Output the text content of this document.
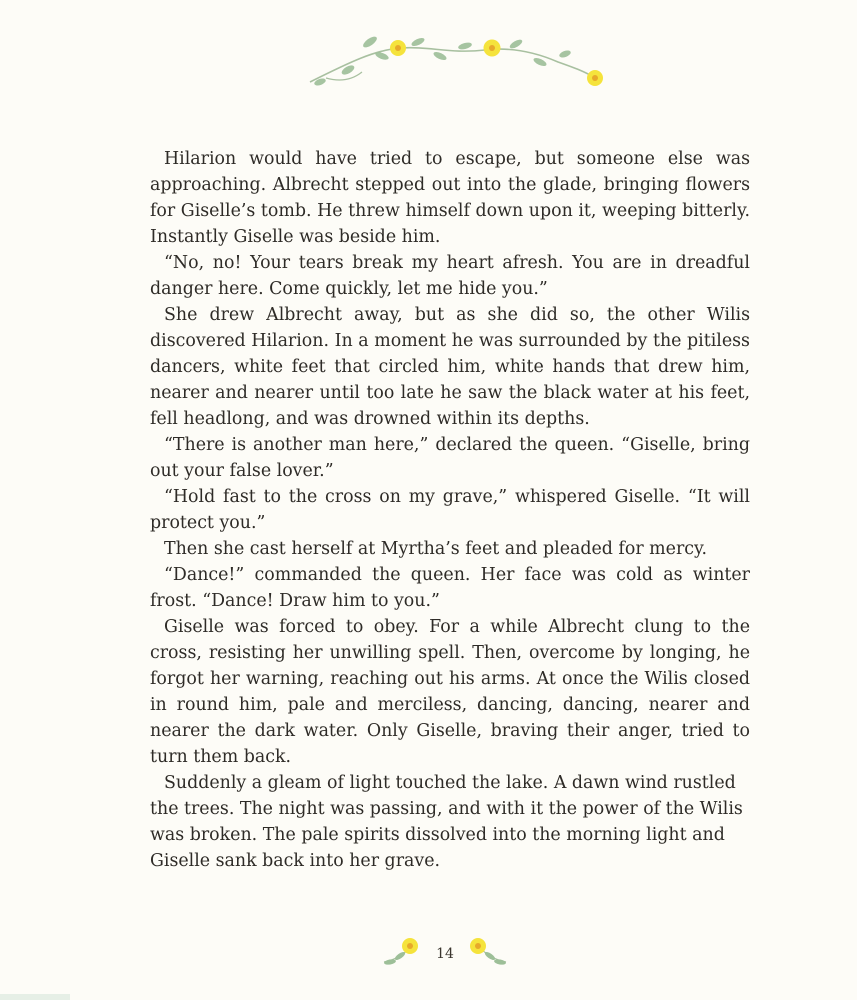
Hilarion would have tried to escape, but someone else was approaching. Albrecht stepped out into the glade, bringing flowers for Giselle’s tomb. He threw himself down upon it, weeping bitterly. Instantly Giselle was beside him.

“No, no! Your tears break my heart afresh. You are in dreadful danger here. Come quickly, let me hide you.”

She drew Albrecht away, but as she did so, the other Wilis discovered Hilarion. In a moment he was surrounded by the pitiless dancers, white feet that circled him, white hands that drew him, nearer and nearer until too late he saw the black water at his feet, fell headlong, and was drowned within its depths.

“There is another man here,” declared the queen. “Giselle, bring out your false lover.”

“Hold fast to the cross on my grave,” whispered Giselle. “It will protect you.”

Then she cast herself at Myrtha’s feet and pleaded for mercy.

“Dance!” commanded the queen. Her face was cold as winter frost. “Dance! Draw him to you.”

Giselle was forced to obey. For a while Albrecht clung to the cross, resisting her unwilling spell. Then, overcome by longing, he forgot her warning, reaching out his arms. At once the Wilis closed in round him, pale and merciless, dancing, dancing, nearer and nearer the dark water. Only Giselle, braving their anger, tried to turn them back.

Suddenly a gleam of light touched the lake. A dawn wind rustled the trees. The night was passing, and with it the power of the Wilis was broken. The pale spirits dissolved into the morning light and Giselle sank back into her grave.

14
